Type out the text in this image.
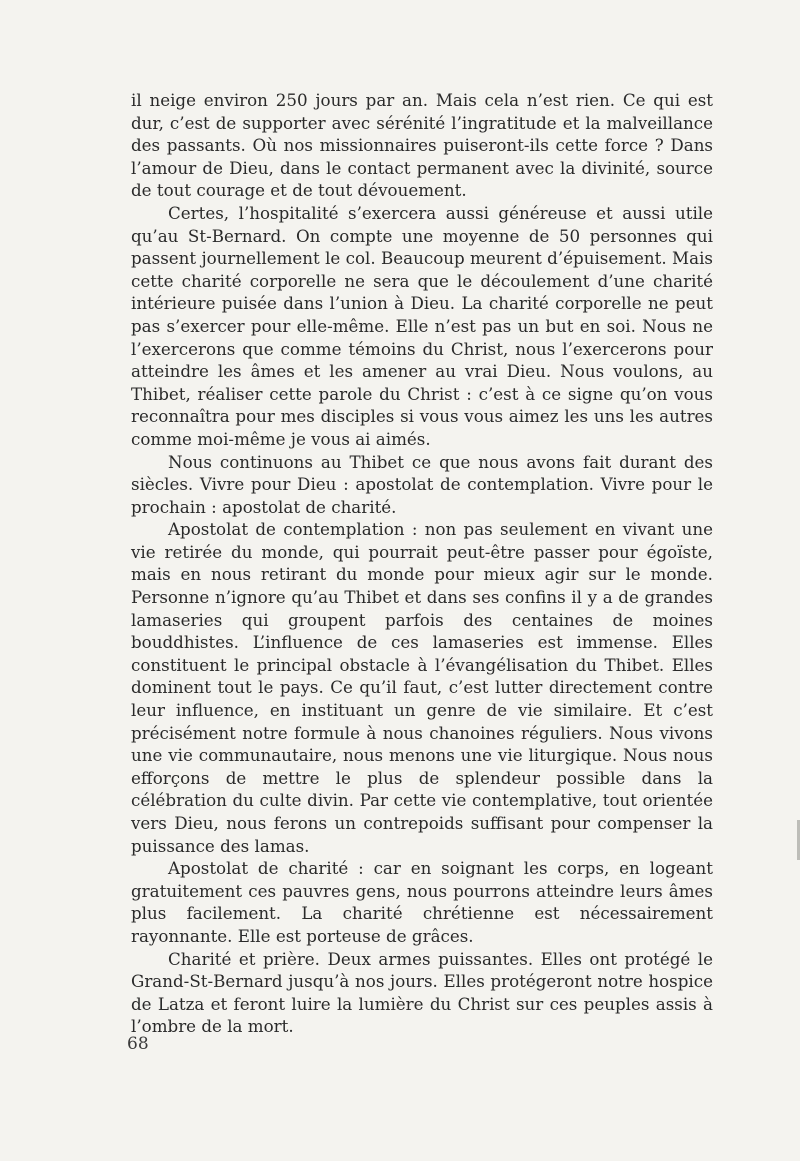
il neige environ 250 jours par an. Mais cela n’est rien. Ce qui est dur, c’est de supporter avec sérénité l’ingratitude et la malveillance des passants. Où nos missionnaires puiseront-ils cette force ? Dans l’amour de Dieu, dans le contact permanent avec la divinité, source de tout courage et de tout dévouement.

Certes, l’hospitalité s’exercera aussi généreuse et aussi utile qu’au St-Bernard. On compte une moyenne de 50 personnes qui passent journellement le col. Beaucoup meurent d’épuisement. Mais cette charité corporelle ne sera que le découlement d’une charité intérieure puisée dans l’union à Dieu. La charité corporelle ne peut pas s’exercer pour elle-même. Elle n’est pas un but en soi. Nous ne l’exercerons que comme témoins du Christ, nous l’exercerons pour atteindre les âmes et les amener au vrai Dieu. Nous voulons, au Thibet, réaliser cette parole du Christ : c’est à ce signe qu’on vous reconnaîtra pour mes disciples si vous vous aimez les uns les autres comme moi-même je vous ai aimés.

Nous continuons au Thibet ce que nous avons fait durant des siècles. Vivre pour Dieu : apostolat de contemplation. Vivre pour le prochain : apostolat de charité.

Apostolat de contemplation : non pas seulement en vivant une vie retirée du monde, qui pourrait peut-être passer pour égoïste, mais en nous retirant du monde pour mieux agir sur le monde. Personne n’ignore qu’au Thibet et dans ses confins il y a de grandes lamaseries qui groupent parfois des centaines de moines bouddhistes. L’influence de ces lamaseries est immense. Elles constituent le principal obstacle à l’évangélisation du Thibet. Elles dominent tout le pays. Ce qu’il faut, c’est lutter directement contre leur influence, en instituant un genre de vie similaire. Et c’est précisément notre formule à nous chanoines réguliers. Nous vivons une vie communautaire, nous menons une vie liturgique. Nous nous efforçons de mettre le plus de splendeur possible dans la célébration du culte divin. Par cette vie contemplative, tout orientée vers Dieu, nous ferons un contrepoids suffisant pour compenser la puissance des lamas.

Apostolat de charité : car en soignant les corps, en logeant gratuitement ces pauvres gens, nous pourrons atteindre leurs âmes plus facilement. La charité chrétienne est nécessairement rayonnante. Elle est porteuse de grâces.

Charité et prière. Deux armes puissantes. Elles ont protégé le Grand-St-Bernard jusqu’à nos jours. Elles protégeront notre hospice de Latza et feront luire la lumière du Christ sur ces peuples assis à l’ombre de la mort.

68
